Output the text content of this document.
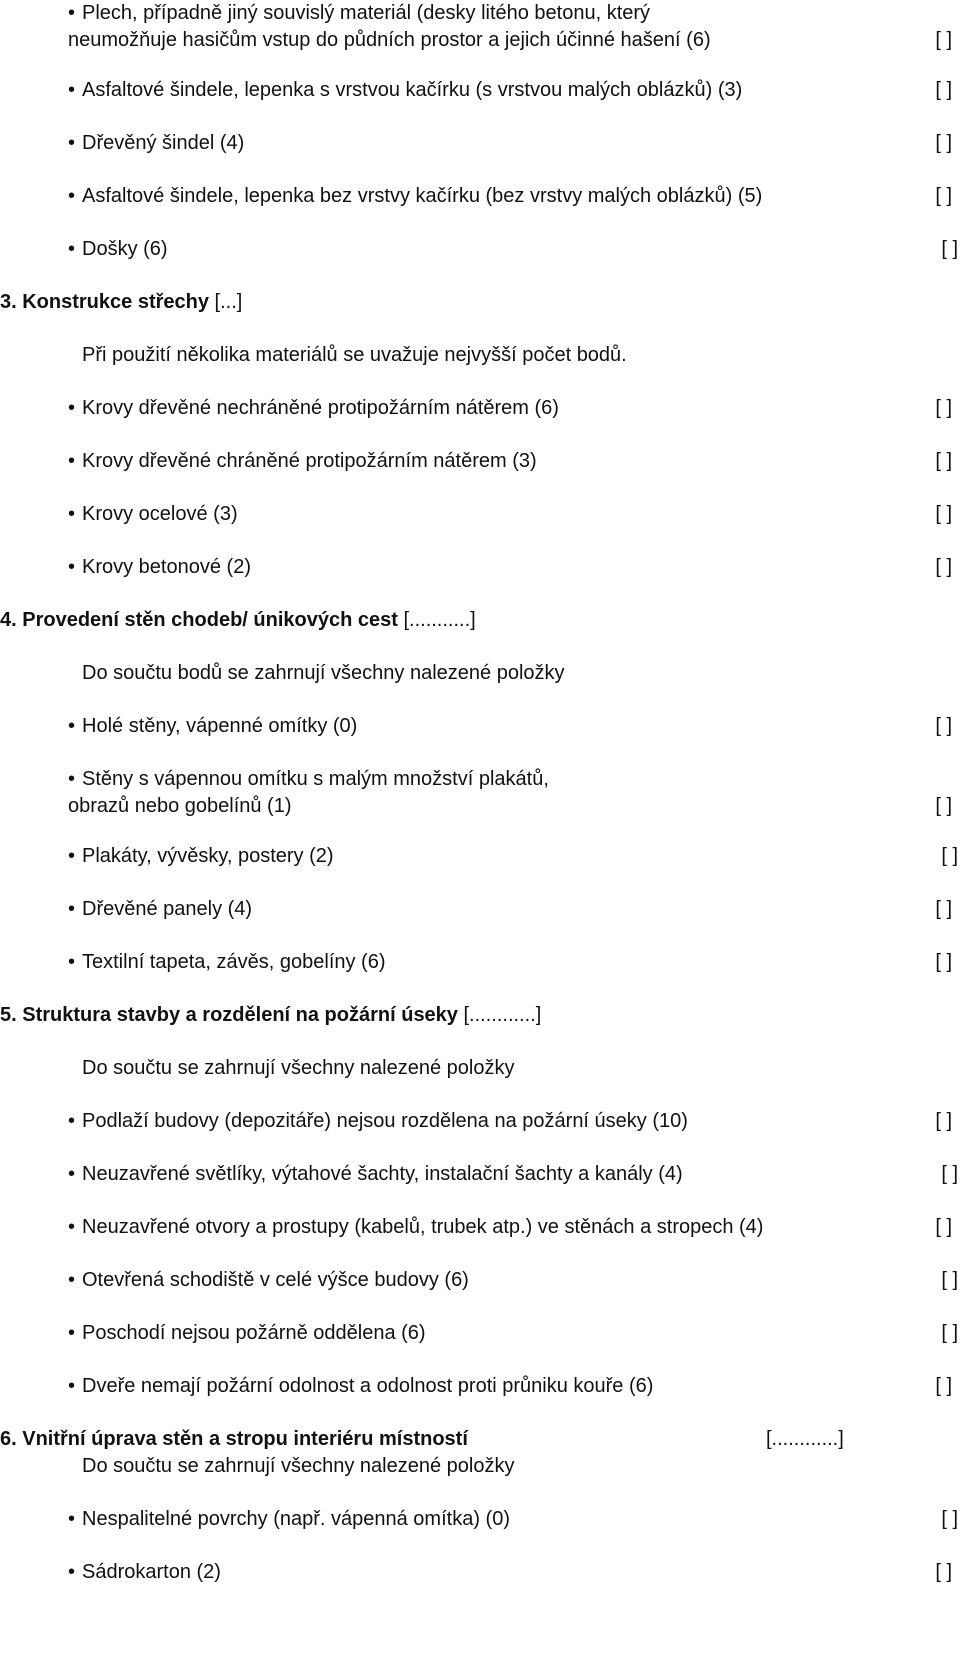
• Plech, případně jiný souvislý materiál (desky litého betonu, který
neumožňuje hasičům vstup do půdních prostor a jejich účinné hašení (6)	[ ]
• Asfaltové šindele, lepenka s vrstvou kačírku (s vrstvou malých oblázků) (3)	[ ]
• Dřevěný šindel (4)	[ ]
• Asfaltové šindele, lepenka bez vrstvy kačírku (bez vrstvy malých oblázků) (5)	[ ]
• Došky (6)	[ ]
3. Konstrukce střechy [...]
Při použití několika materiálů se uvažuje nejvyšší počet bodů.
• Krovy dřevěné nechráněné protipožárním nátěrem (6)	[ ]
• Krovy dřevěné chráněné protipožárním nátěrem (3)	[ ]
• Krovy ocelové (3)	[ ]
• Krovy betonové (2)	[ ]
4. Provedení stěn chodeb/ únikových cest [...........]
Do součtu bodů se zahrnují všechny nalezené položky
• Holé stěny, vápenné omítky (0)	[ ]
• Stěny s vápennou omítku s malým množství plakátů,
obrazů nebo gobelínů (1)	[ ]
• Plakáty, vývěsky, postery (2)	[ ]
• Dřevěné panely (4)	[ ]
• Textilní tapeta, závěs, gobelíny (6)	[ ]
5. Struktura stavby a rozdělení na požární úseky [............]
Do součtu se zahrnují všechny nalezené položky
• Podlaží budovy (depozitáře) nejsou rozdělena na požární úseky (10)	[ ]
• Neuzavřené světlíky, výtahové šachty, instalační šachty a kanály (4)	[ ]
• Neuzavřené otvory a prostupy (kabelů, trubek atp.) ve stěnách a stropech (4)	[ ]
• Otevřená schodiště v celé výšce budovy (6)	[ ]
• Poschodí nejsou požárně oddělena (6)	[ ]
• Dveře nemají požární odolnost a odolnost proti průniku kouře (6)	[ ]
6. Vnitřní úprava stěn a stropu interiéru místností	[............]
Do součtu se zahrnují všechny nalezené položky
• Nespalitelné povrchy (např. vápenná omítka) (0)	[ ]
• Sádrokarton (2)	[ ]
